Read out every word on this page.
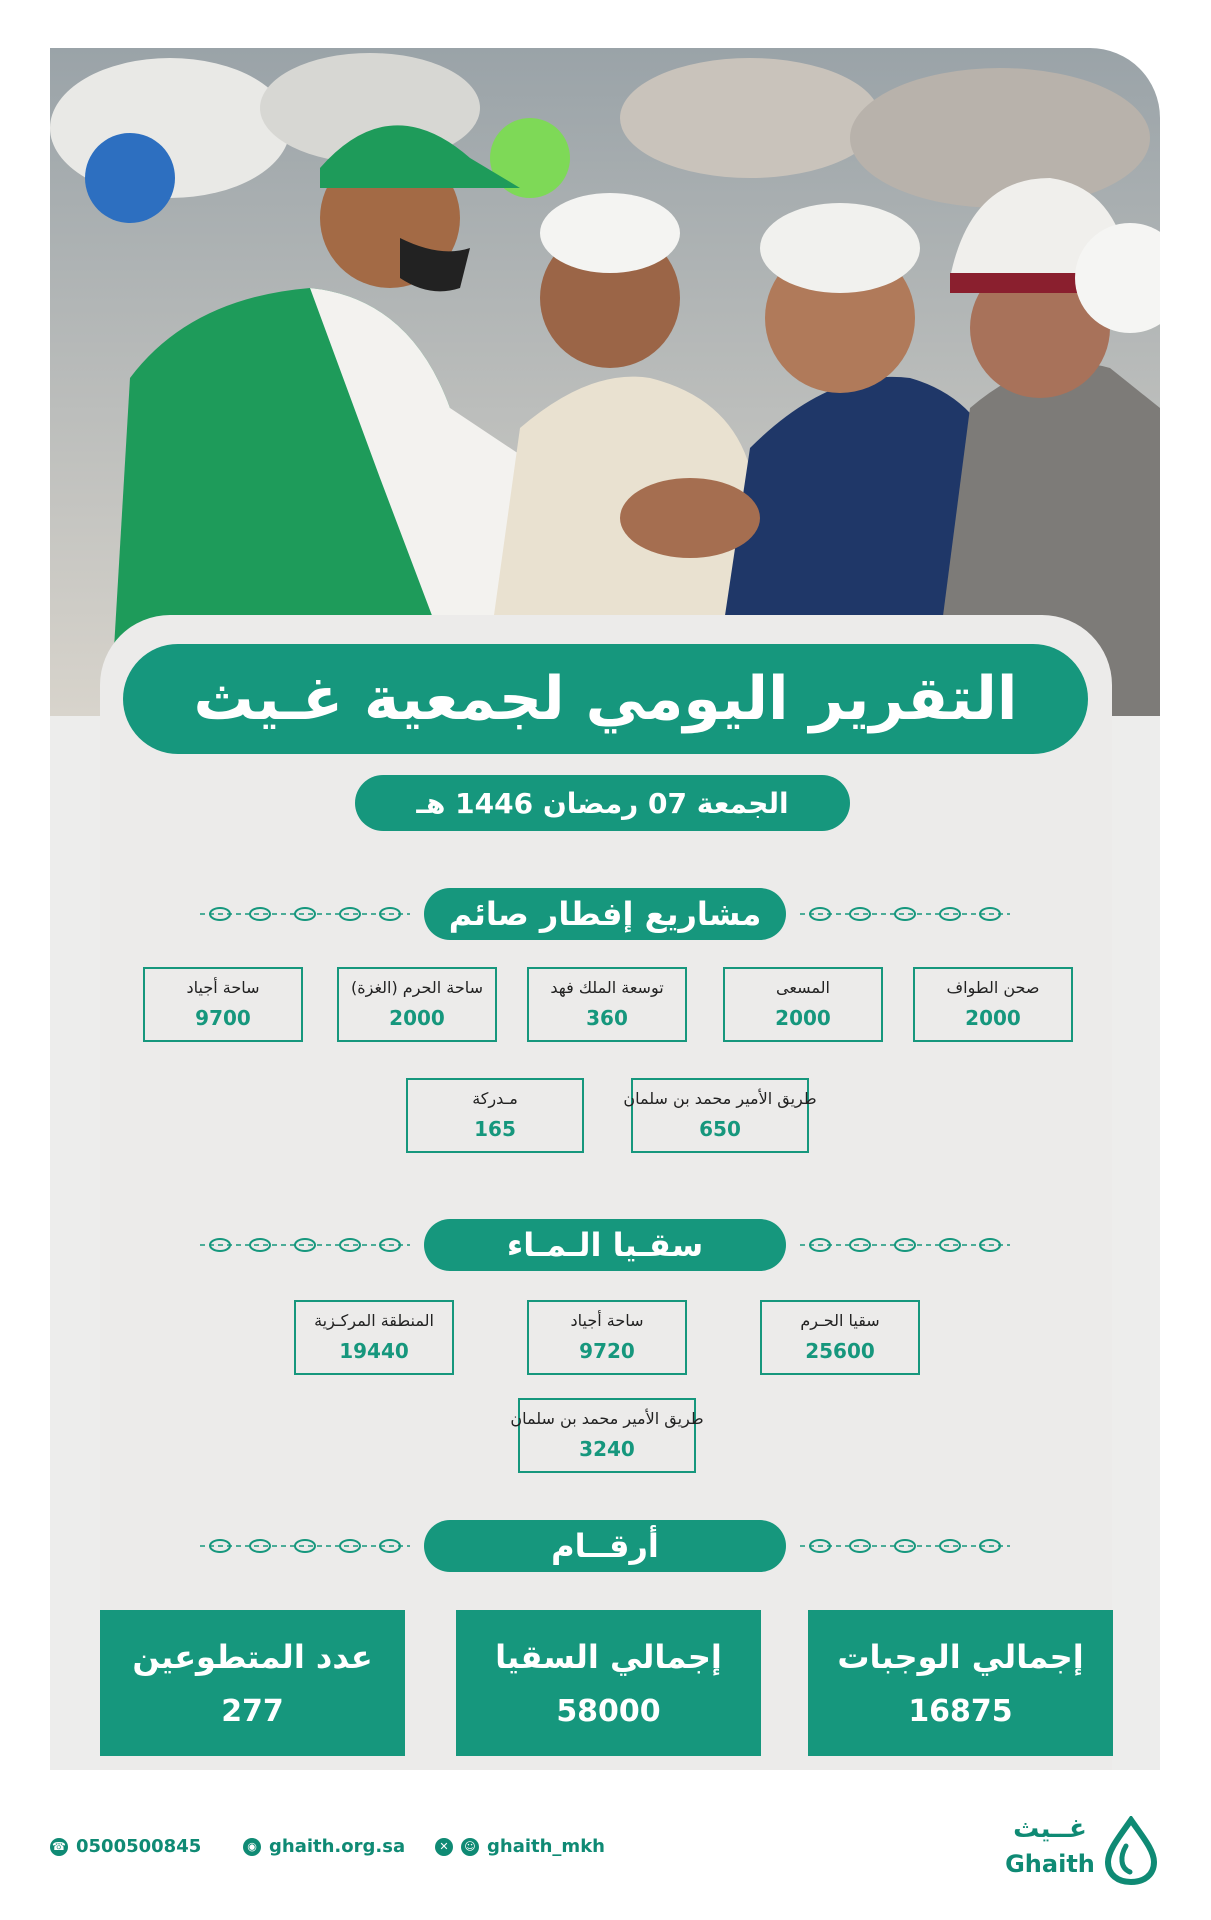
التقرير اليومي لجمعية غـيث
الجمعة 07 رمضان 1446 هـ
مشاريع إفطار صائم
صحن الطواف
2000
المسعى
2000
توسعة الملك فهد
360
ساحة الحرم (الغزة)
2000
ساحة أجياد
9700
طريق الأمير محمد بن سلمان
650
مـدركة
165
سقـيا الـمـاء
سقيا الحـرم
25600
ساحة أجياد
9720
المنطقة المركـزية
19440
طريق الأمير محمد بن سلمان
3240
أرقــام
إجمالي الوجبات
16875
إجمالي السقيا
58000
عدد المتطوعين
277
☎ 0500500845	◉ ghaith.org.sa	✕	☺ ghaith_mkh
غــيث
Ghaith
